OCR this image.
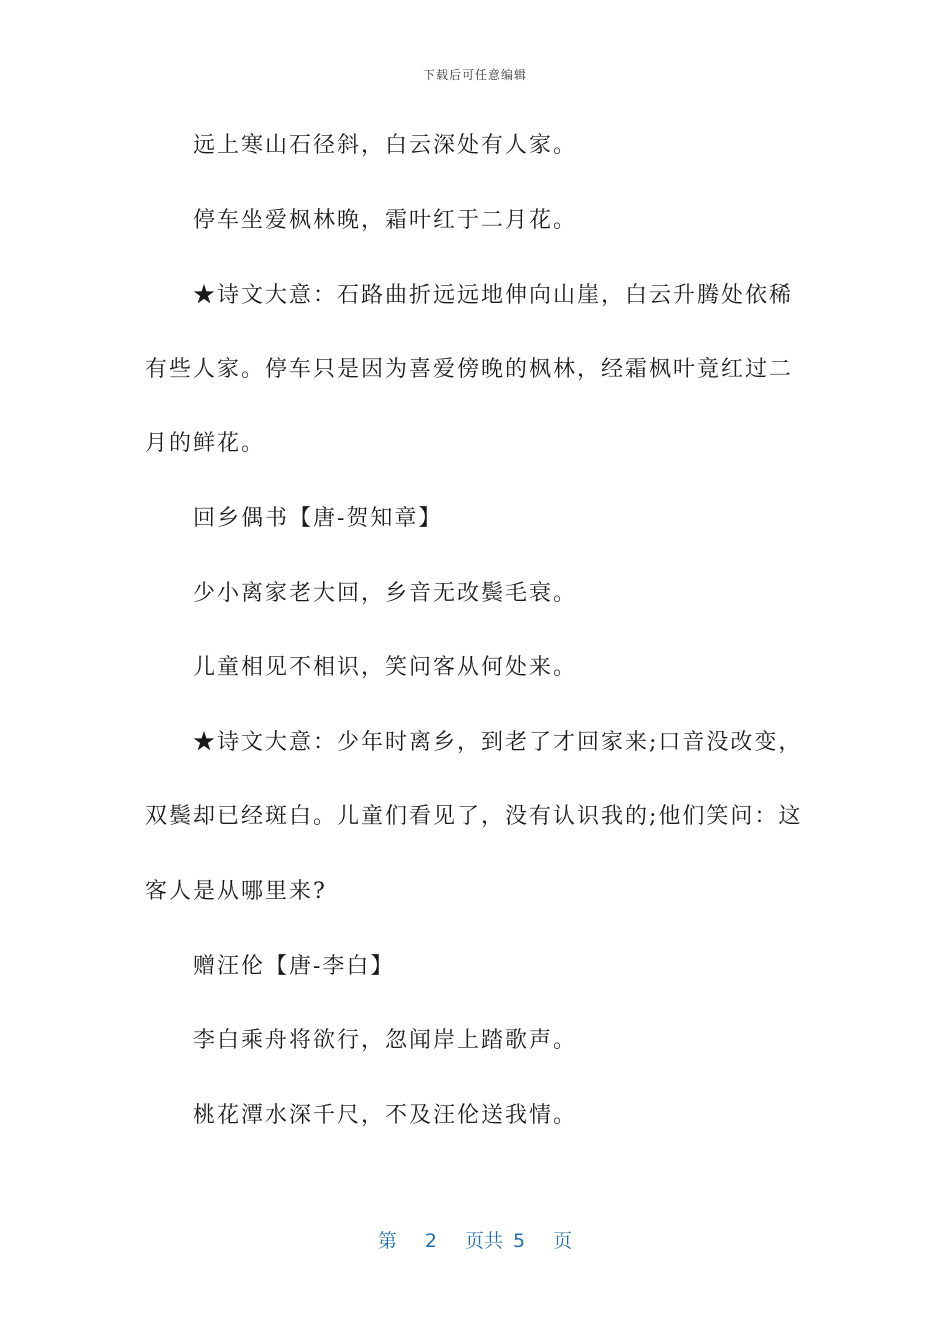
下载后可任意编辑
远上寒山石径斜，白云深处有人家。
停车坐爱枫林晚，霜叶红于二月花。
★诗文大意：石路曲折远远地伸向山崖，白云升腾处依稀
有些人家。停车只是因为喜爱傍晚的枫林，经霜枫叶竟红过二
月的鲜花。
回乡偶书【唐-贺知章】
少小离家老大回，乡音无改鬓毛衰。
儿童相见不相识，笑问客从何处来。
★诗文大意：少年时离乡，到老了才回家来;口音没改变，
双鬓却已经斑白。儿童们看见了，没有认识我的;他们笑问：这
客人是从哪里来?
赠汪伦【唐-李白】
李白乘舟将欲行，忽闻岸上踏歌声。
桃花潭水深千尺，不及汪伦送我情。
第 2 页共 5 页
